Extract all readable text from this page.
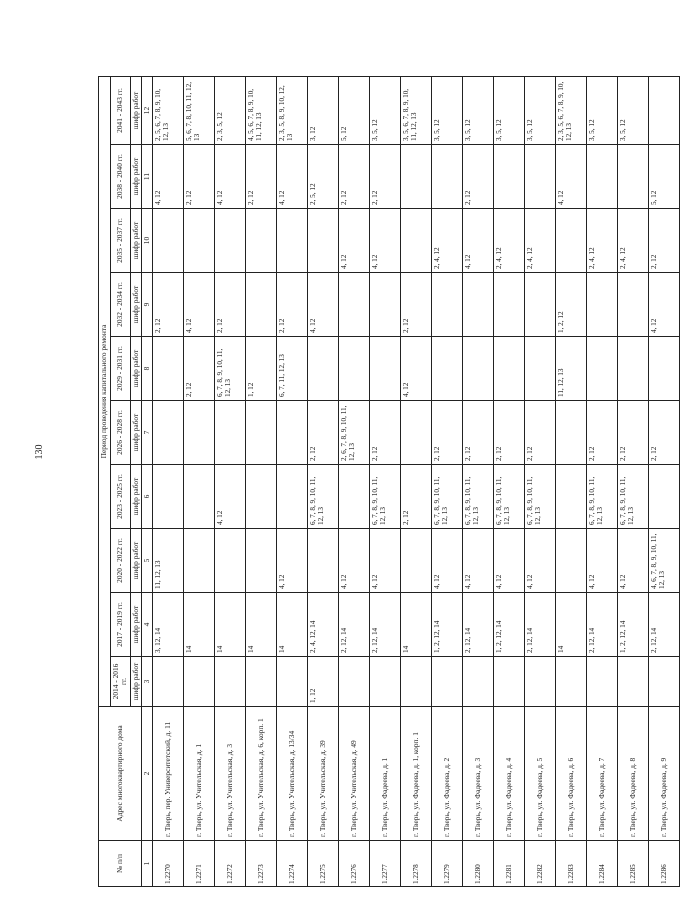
130
№ п/п	Адрес многоквартирного дома	Период проведения капитального ремонта									
		2014 - 2016 гг.	2017 - 2019 гг.	2020 - 2022 гг.	2023 - 2025 гг.	2026 - 2028 гг.	2029 - 2031 гг.	2032 - 2034 гг.	2035 - 2037 гг.	2038 - 2040 гг.	2041 - 2043 гг.
		шифр работ	шифр работ	шифр работ	шифр работ	шифр работ	шифр работ	шифр работ	шифр работ	шифр работ	шифр работ
1	2	3	4	5	6	7	8	9	10	11	12
1.2270	г. Тверь, пер. Университетский, д. 11		3, 12, 14	11, 12, 13				2, 12		4, 12	2, 5, 6, 7, 8, 9, 10, 12, 13
1.2271	г. Тверь, ул. Учительская, д. 1		14				2, 12	4, 12		2, 12	5, 6, 7, 8, 10, 11, 12, 13
1.2272	г. Тверь, ул. Учительская, д. 3		14		4, 12		6, 7, 8, 9, 10, 11, 12, 13	2, 12		4, 12	2, 3, 5, 12
1.2273	г. Тверь, ул. Учительская, д. 6, корп. 1		14				1, 12			2, 12	4, 5, 6, 7, 8, 9, 10, 11, 12, 13
1.2274	г. Тверь, ул. Учительская, д. 13/34		14	4, 12			6, 7, 11, 12, 13	2, 12		4, 12	2, 3, 5, 8, 9, 10, 12, 13
1.2275	г. Тверь, ул. Учительская, д. 39	1, 12	2, 4, 12, 14		6, 7, 8, 9, 10, 11, 12, 13	2, 12		4, 12		2, 5, 12	3, 12
1.2276	г. Тверь, ул. Учительская, д. 49		2, 12, 14	4, 12		2, 6, 7, 8, 9, 10, 11, 12, 13			4, 12	2, 12	5, 12
1.2277	г. Тверь, ул. Фадеева, д. 1		2, 12, 14	4, 12	6, 7, 8, 9, 10, 11, 12, 13	2, 12			4, 12	2, 12	3, 5, 12
1.2278	г. Тверь, ул. Фадеева, д. 1, корп. 1		14		2, 12		4, 12	2, 12			3, 5, 6, 7, 8, 9, 10, 11, 12, 13
1.2279	г. Тверь, ул. Фадеева, д. 2		1, 2, 12, 14	4, 12	6, 7, 8, 9, 10, 11, 12, 13	2, 12			2, 4, 12		3, 5, 12
1.2280	г. Тверь, ул. Фадеева, д. 3		2, 12, 14	4, 12	6, 7, 8, 9, 10, 11, 12, 13	2, 12			4, 12	2, 12	3, 5, 12
1.2281	г. Тверь, ул. Фадеева, д. 4		1, 2, 12, 14	4, 12	6, 7, 8, 9, 10, 11, 12, 13	2, 12			2, 4, 12		3, 5, 12
1.2282	г. Тверь, ул. Фадеева, д. 5		2, 12, 14	4, 12	6, 7, 8, 9, 10, 11, 12, 13	2, 12			2, 4, 12		3, 5, 12
1.2283	г. Тверь, ул. Фадеева, д. 6		14				11, 12, 13	1, 2, 12		4, 12	2, 3, 5, 6, 7, 8, 9, 10, 12, 13
1.2284	г. Тверь, ул. Фадеева, д. 7		2, 12, 14	4, 12	6, 7, 8, 9, 10, 11, 12, 13	2, 12			2, 4, 12		3, 5, 12
1.2285	г. Тверь, ул. Фадеева, д. 8		1, 2, 12, 14	4, 12	6, 7, 8, 9, 10, 11, 12, 13	2, 12			2, 4, 12		3, 5, 12
1.2286	г. Тверь, ул. Фадеева, д. 9		2, 12, 14	4, 6, 7, 8, 9, 10, 11, 12, 13		2, 12		4, 12	2, 12	5, 12	
